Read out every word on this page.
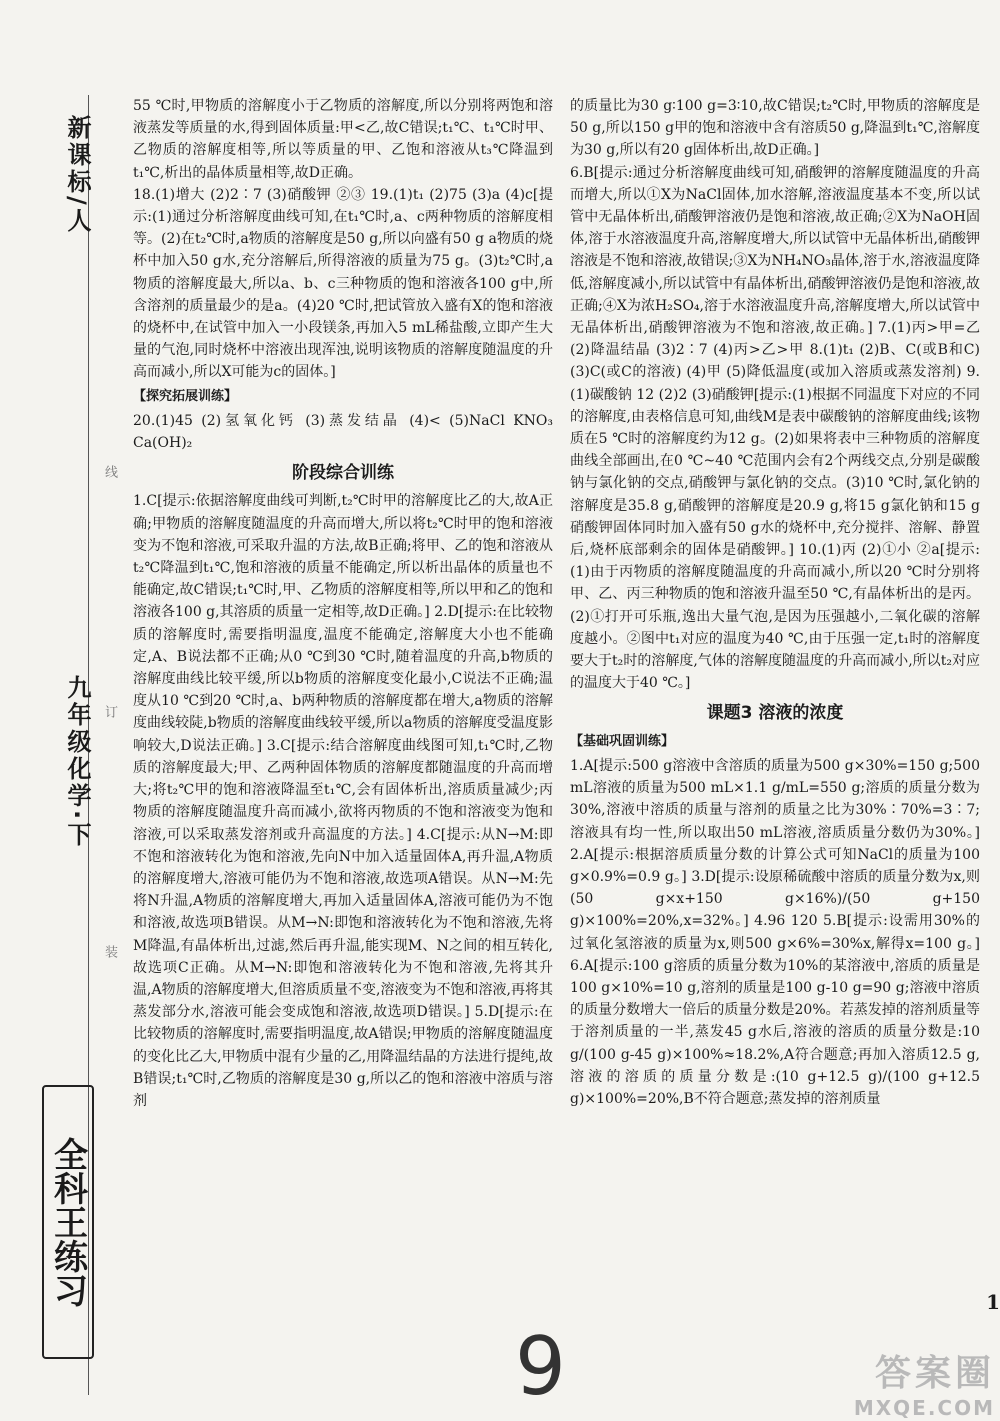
新课标/人
九年级化学·下
线
订
装
全科王练习

55 ℃时,甲物质的溶解度小于乙物质的溶解度,所以分别将两饱和溶液蒸发等质量的水,得到固体质量:甲<乙,故C错误;t₁℃、t₁℃时甲、乙物质的溶解度相等,所以等质量的甲、乙饱和溶液从t₃℃降温到t₁℃,析出的晶体质量相等,故D正确。

18.(1)增大 (2)2∶7 (3)硝酸钾 ②③ 19.(1)t₁ (2)75 (3)a (4)c[提示:(1)通过分析溶解度曲线可知,在t₁℃时,a、c两种物质的溶解度相等。(2)在t₂℃时,a物质的溶解度是50 g,所以向盛有50 g a物质的烧杯中加入50 g水,充分溶解后,所得溶液的质量为75 g。(3)t₂℃时,a物质的溶解度最大,所以a、b、c三种物质的饱和溶液各100 g中,所含溶剂的质量最少的是a。(4)20 ℃时,把试管放入盛有X的饱和溶液的烧杯中,在试管中加入一小段镁条,再加入5 mL稀盐酸,立即产生大量的气泡,同时烧杯中溶液出现浑浊,说明该物质的溶解度随温度的升高而减小,所以X可能为c的固体。]

【探究拓展训练】

20.(1)45 (2)氢氧化钙 (3)蒸发结晶 (4)< (5)NaCl KNO₃ Ca(OH)₂

阶段综合训练

1.C[提示:依据溶解度曲线可判断,t₂℃时甲的溶解度比乙的大,故A正确;甲物质的溶解度随温度的升高而增大,所以将t₂℃时甲的饱和溶液变为不饱和溶液,可采取升温的方法,故B正确;将甲、乙的饱和溶液从t₂℃降温到t₁℃,饱和溶液的质量不能确定,所以析出晶体的质量也不能确定,故C错误;t₁℃时,甲、乙物质的溶解度相等,所以甲和乙的饱和溶液各100 g,其溶质的质量一定相等,故D正确。] 2.D[提示:在比较物质的溶解度时,需要指明温度,温度不能确定,溶解度大小也不能确定,A、B说法都不正确;从0 ℃到30 ℃时,随着温度的升高,b物质的溶解度曲线比较平缓,所以b物质的溶解度变化最小,C说法不正确;温度从10 ℃到20 ℃时,a、b两种物质的溶解度都在增大,a物质的溶解度曲线较陡,b物质的溶解度曲线较平缓,所以a物质的溶解度受温度影响较大,D说法正确。] 3.C[提示:结合溶解度曲线图可知,t₁℃时,乙物质的溶解度最大;甲、乙两种固体物质的溶解度都随温度的升高而增大;将t₂℃甲的饱和溶液降温至t₁℃,会有固体析出,溶质质量减少;丙物质的溶解度随温度升高而减小,欲将丙物质的不饱和溶液变为饱和溶液,可以采取蒸发溶剂或升高温度的方法。] 4.C[提示:从N→M:即不饱和溶液转化为饱和溶液,先向N中加入适量固体A,再升温,A物质的溶解度增大,溶液可能仍为不饱和溶液,故选项A错误。从N→M:先将N升温,A物质的溶解度增大,再加入适量固体A,溶液可能仍为不饱和溶液,故选项B错误。从M→N:即饱和溶液转化为不饱和溶液,先将M降温,有晶体析出,过滤,然后再升温,能实现M、N之间的相互转化,故选项C正确。从M→N:即饱和溶液转化为不饱和溶液,先将其升温,A物质的溶解度增大,但溶质质量不变,溶液变为不饱和溶液,再将其蒸发部分水,溶液可能会变成饱和溶液,故选项D错误。] 5.D[提示:在比较物质的溶解度时,需要指明温度,故A错误;甲物质的溶解度随温度的变化比乙大,甲物质中混有少量的乙,用降温结晶的方法进行提纯,故B错误;t₁℃时,乙物质的溶解度是30 g,所以乙的饱和溶液中溶质与溶剂

的质量比为30 g∶100 g=3∶10,故C错误;t₂℃时,甲物质的溶解度是50 g,所以150 g甲的饱和溶液中含有溶质50 g,降温到t₁℃,溶解度为30 g,所以有20 g固体析出,故D正确。]

6.B[提示:通过分析溶解度曲线可知,硝酸钾的溶解度随温度的升高而增大,所以①X为NaCl固体,加水溶解,溶液温度基本不变,所以试管中无晶体析出,硝酸钾溶液仍是饱和溶液,故正确;②X为NaOH固体,溶于水溶液温度升高,溶解度增大,所以试管中无晶体析出,硝酸钾溶液是不饱和溶液,故错误;③X为NH₄NO₃晶体,溶于水,溶液温度降低,溶解度减小,所以试管中有晶体析出,硝酸钾溶液仍是饱和溶液,故正确;④X为浓H₂SO₄,溶于水溶液温度升高,溶解度增大,所以试管中无晶体析出,硝酸钾溶液为不饱和溶液,故正确。] 7.(1)丙>甲=乙 (2)降温结晶 (3)2∶7 (4)丙>乙>甲 8.(1)t₁ (2)B、C(或B和C) (3)C(或C的溶液) (4)甲 (5)降低温度(或加入溶质或蒸发溶剂) 9.(1)碳酸钠 12 (2)2 (3)硝酸钾[提示:(1)根据不同温度下对应的不同的溶解度,由表格信息可知,曲线M是表中碳酸钠的溶解度曲线;该物质在5 ℃时的溶解度约为12 g。(2)如果将表中三种物质的溶解度曲线全部画出,在0 ℃~40 ℃范围内会有2个两线交点,分别是碳酸钠与氯化钠的交点,硝酸钾与氯化钠的交点。(3)10 ℃时,氯化钠的溶解度是35.8 g,硝酸钾的溶解度是20.9 g,将15 g氯化钠和15 g硝酸钾固体同时加入盛有50 g水的烧杯中,充分搅拌、溶解、静置后,烧杯底部剩余的固体是硝酸钾。] 10.(1)丙 (2)①小 ②a[提示:(1)由于丙物质的溶解度随温度的升高而减小,所以20 ℃时分别将甲、乙、丙三种物质的饱和溶液升温至50 ℃,有晶体析出的是丙。(2)①打开可乐瓶,逸出大量气泡,是因为压强越小,二氧化碳的溶解度越小。②图中t₁对应的温度为40 ℃,由于压强一定,t₁时的溶解度要大于t₂时的溶解度,气体的溶解度随温度的升高而减小,所以t₂对应的温度大于40 ℃。]

课题3 溶液的浓度

【基础巩固训练】

1.A[提示:500 g溶液中含溶质的质量为500 g×30%=150 g;500 mL溶液的质量为500 mL×1.1 g/mL=550 g;溶质的质量分数为30%,溶液中溶质的质量与溶剂的质量之比为30%∶70%=3∶7;溶液具有均一性,所以取出50 mL溶液,溶质质量分数仍为30%。] 2.A[提示:根据溶质质量分数的计算公式可知NaCl的质量为100 g×0.9%=0.9 g。] 3.D[提示:设原稀硫酸中溶质的质量分数为x,则(50 g×x+150 g×16%)/(50 g+150 g)×100%=20%,x=32%。] 4.96 120 5.B[提示:设需用30%的过氧化氢溶液的质量为x,则500 g×6%=30%x,解得x=100 g。] 6.A[提示:100 g溶质的质量分数为10%的某溶液中,溶质的质量是100 g×10%=10 g,溶剂的质量是100 g-10 g=90 g;溶液中溶质的质量分数增大一倍后的质量分数是20%。若蒸发掉的溶剂质量等于溶剂质量的一半,蒸发45 g水后,溶液的溶质的质量分数是:10 g/(100 g-45 g)×100%≈18.2%,A符合题意;再加入溶质12.5 g,溶液的溶质的质量分数是:(10 g+12.5 g)/(100 g+12.5 g)×100%=20%,B不符合题意;蒸发掉的溶剂质量

1
9	答案圈
MXQE.COM
